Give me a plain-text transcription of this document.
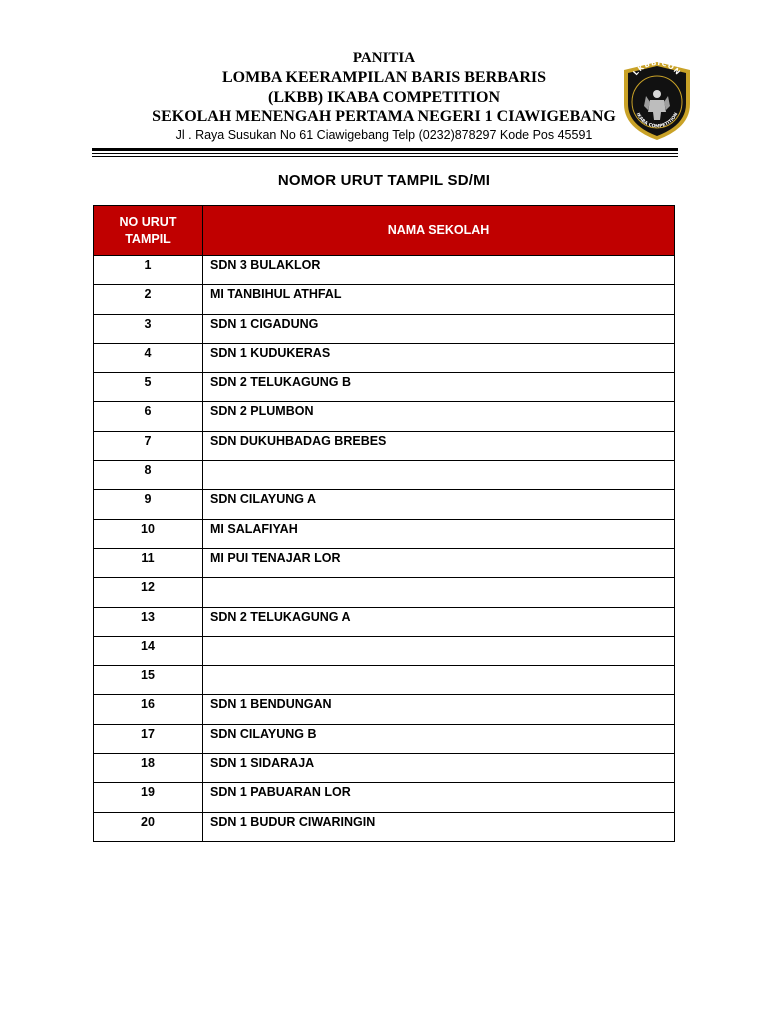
PANITIA
LOMBA KEERAMPILAN BARIS BERBARIS
(LKBB) IKABA COMPETITION
SEKOLAH MENENGAH PERTAMA NEGERI 1 CIAWIGEBANG
Jl . Raya Susukan No 61 Ciawigebang Telp (0232)878297 Kode Pos 45591
LKBBICON
IKABA COMPETITION
NOMOR URUT TAMPIL SD/MI
NO URUT
TAMPIL	NAMA SEKOLAH
1	SDN 3 BULAKLOR
2	MI TANBIHUL ATHFAL
3	SDN 1 CIGADUNG
4	SDN 1 KUDUKERAS
5	SDN 2 TELUKAGUNG B
6	SDN 2 PLUMBON
7	SDN DUKUHBADAG BREBES
8	
9	SDN CILAYUNG A
10	MI SALAFIYAH
11	MI PUI TENAJAR LOR
12	
13	SDN 2 TELUKAGUNG A
14	
15	
16	SDN 1 BENDUNGAN
17	SDN CILAYUNG B
18	SDN 1 SIDARAJA
19	SDN 1 PABUARAN LOR
20	SDN 1 BUDUR CIWARINGIN
